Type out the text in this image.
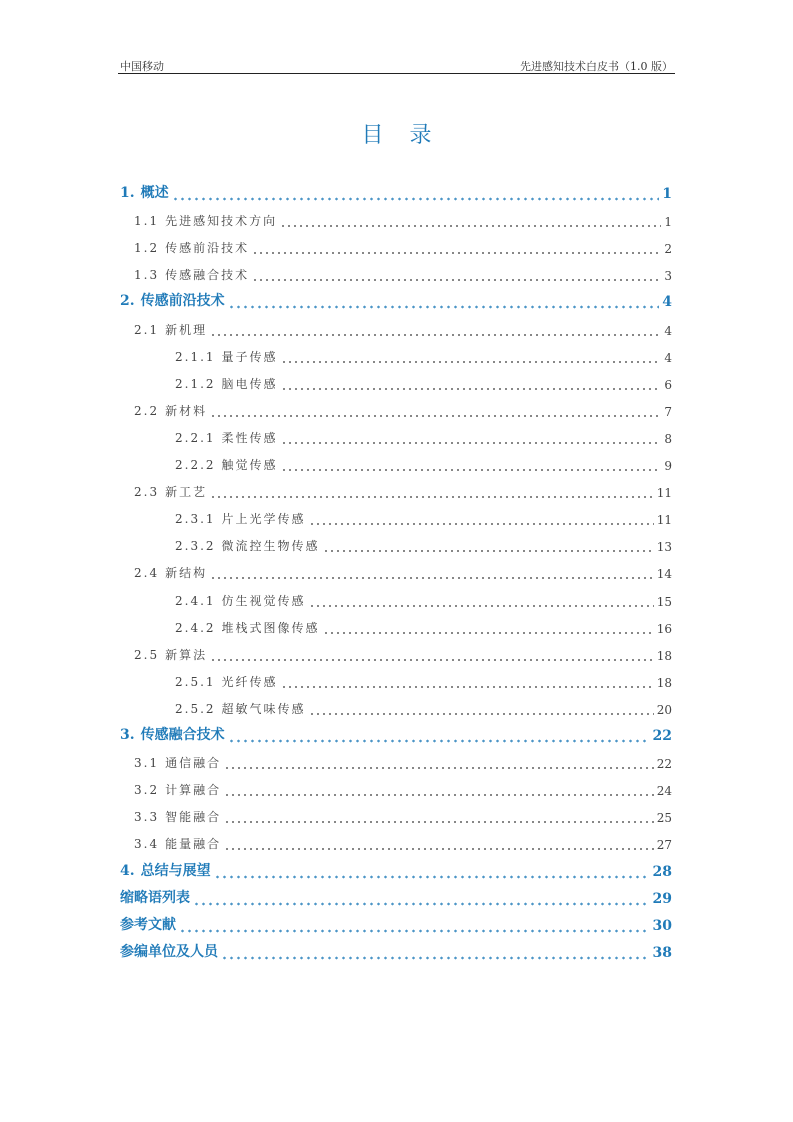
中国移动	先进感知技术白皮书（1.0 版）
目录
1. 概述	1
1.1 先进感知技术方向	1
1.2 传感前沿技术	2
1.3 传感融合技术	3
2. 传感前沿技术	4
2.1 新机理	4
2.1.1 量子传感	4
2.1.2 脑电传感	6
2.2 新材料	7
2.2.1 柔性传感	8
2.2.2 触觉传感	9
2.3 新工艺	11
2.3.1 片上光学传感	11
2.3.2 微流控生物传感	13
2.4 新结构	14
2.4.1 仿生视觉传感	15
2.4.2 堆栈式图像传感	16
2.5 新算法	18
2.5.1 光纤传感	18
2.5.2 超敏气味传感	20
3. 传感融合技术	22
3.1 通信融合	22
3.2 计算融合	24
3.3 智能融合	25
3.4 能量融合	27
4. 总结与展望	28
缩略语列表	29
参考文献	30
参编单位及人员	38
